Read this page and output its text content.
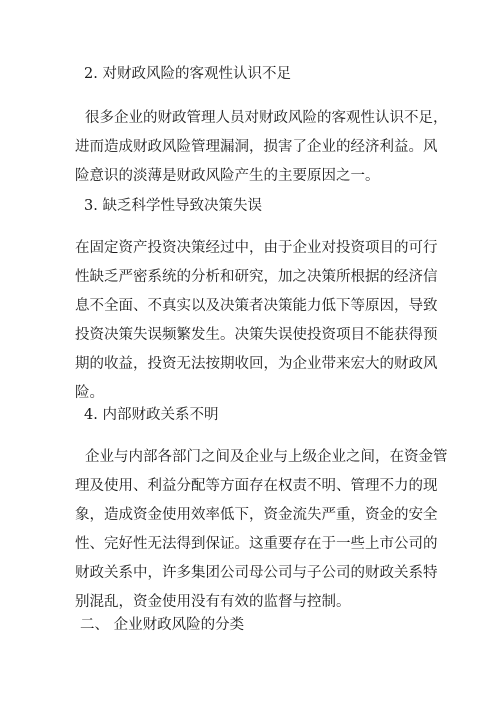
2. 对财政风险的客观性认识不足
很多企业的财政管理人员对财政风险的客观性认识不足，
进而造成财政风险管理漏洞，损害了企业的经济利益。风
险意识的淡薄是财政风险产生的主要原因之一。
3. 缺乏科学性导致决策失误
在固定资产投资决策经过中，由于企业对投资项目的可行
性缺乏严密系统的分析和研究，加之决策所根据的经济信
息不全面、不真实以及决策者决策能力低下等原因，导致
投资决策失误频繁发生。决策失误使投资项目不能获得预
期的收益，投资无法按期收回，为企业带来宏大的财政风
险。
4. 内部财政关系不明
企业与内部各部门之间及企业与上级企业之间，在资金管
理及使用、利益分配等方面存在权责不明、管理不力的现
象，造成资金使用效率低下，资金流失严重，资金的安全
性、完好性无法得到保证。这重要存在于一些上市公司的
财政关系中，许多集团公司母公司与子公司的财政关系特
别混乱，资金使用没有有效的监督与控制。
二、 企业财政风险的分类
